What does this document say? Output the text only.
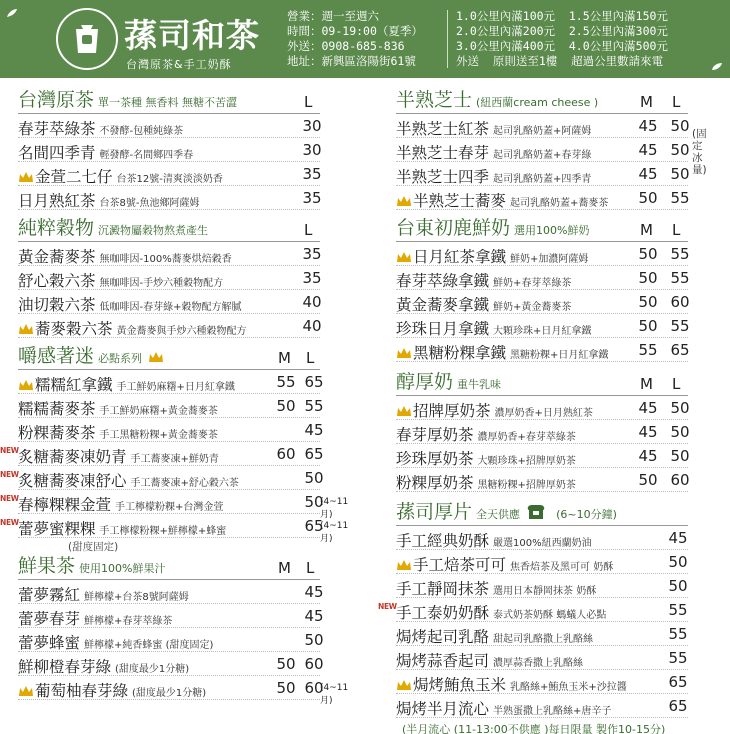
蓀司和茶
台灣原茶&手工奶酥
營業：週一至週六
時間：09-19:00（夏季）
外送：0908-685-836
地址：新興區洛陽街61號
1.0公里內滿100元  1.5公里內滿150元
2.0公里內滿200元  2.5公里內滿300元
3.0公里內滿400元  4.0公里內滿500元
外送  原則送至1樓  超過公里數請來電
台灣原茶 單一茶種 無香料 無糖不苦澀	L
春芽萃綠茶 不發酵-包種純綠茶	30
名間四季青 輕發酵-名間鄉四季春	30
金萱二七仔 台茶12號-清爽淡淡奶香	35
日月熟紅茶 台茶8號-魚池鄉阿薩姆	35
純粹穀物 沉澱物屬穀物熬煮產生	L
黃金蕎麥茶 無咖啡因-100%蕎麥烘焙穀香	35
舒心穀六茶 無咖啡因-手炒六種穀物配方	35
油切穀六茶 低咖啡因-春芽綠+穀物配方解膩	40
蕎麥穀六茶 黃金蕎麥與手炒六種穀物配方	40
嚼感著迷 必點系列	M L
糯糯紅拿鐵 手工鮮奶麻糬+日月紅拿鐵	55 65
糯糯蕎麥茶 手工鮮奶麻糬+黃金蕎麥茶	50 55
粉粿蕎麥茶 手工黑糖粉粿+黃金蕎麥茶	45
NEW 炙糖蕎麥凍奶青 手工蕎麥凍+鮮奶青	60 65
NEW 炙糖蕎麥凍舒心 手工蕎麥凍+舒心穀六茶	50
NEW 春檸粿粿金萱 手工檸檬粉粿+台灣金萱	50
(4~11月)
NEW 蕾夢蜜粿粿 手工檸檬粉粿+鮮檸檬+蜂蜜	65
(4~11月)
(甜度固定)
鮮果茶 使用100%鮮果汁	M L
蕾夢霧紅 鮮檸檬+台茶8號阿薩姆	45
蕾夢春芽 鮮檸檬+春芽萃綠茶	45
蕾夢蜂蜜 鮮檸檬+純香蜂蜜 (甜度固定)	50
鮮柳橙春芽綠 (甜度最少1分糖)	50 60
葡萄柚春芽綠 (甜度最少1分糖)	50 60
(4~11月)
半熟芝士 (紐西蘭cream cheese )	M L
半熟芝士紅茶 起司乳酪奶蓋+阿薩姆	45 50
半熟芝士春芽 起司乳酪奶蓋+春芽綠	45 50
半熟芝士四季 起司乳酪奶蓋+四季青	45 50
半熟芝士蕎麥 起司乳酪奶蓋+蕎麥茶 50 55
台東初鹿鮮奶 選用100%鮮奶	M L
日月紅茶拿鐵 鮮奶+加濃阿薩姆	50 55
春芽萃綠拿鐵 鮮奶+春芽萃綠茶	50 55
黃金蕎麥拿鐵 鮮奶+黃金蕎麥茶	50 60
珍珠日月拿鐵 大顆珍珠+日月紅拿鐵	50 55
黑糖粉粿拿鐵 黑糖粉粿+日月紅拿鐵 55 65
醇厚奶 重牛乳味	M L
招牌厚奶茶 濃厚奶香+日月熟紅茶	45 50
春芽厚奶茶 濃厚奶香+春芽萃綠茶	45 50
珍珠厚奶茶 大顆珍珠+招牌厚奶茶	45 50
粉粿厚奶茶 黑糖粉粿+招牌厚奶茶	50 60
蓀司厚片 全天供應	(6~10分鐘)
手工經典奶酥 嚴選100%紐西蘭奶油	45
手工焙茶可可 焦香焙茶及黑可可 奶酥	50
手工靜岡抹茶 選用日本靜岡抹茶 奶酥	50
NEW 手工泰奶奶酥 泰式奶茶奶酥 螞蟻人必點	55
焗烤起司乳酪 甜起司乳酪撒上乳酪絲	55
焗烤蒜香起司 濃厚蒜香撒上乳酪絲	55
焗烤鮪魚玉米 乳酪絲+鮪魚玉米+沙拉醬	65
焗烤半月流心 半熟蛋撒上乳酪絲+唐辛子	65
(半月流心 (11-13:00不供應 )每日限量 製作10-15分)
(固定冰量)
